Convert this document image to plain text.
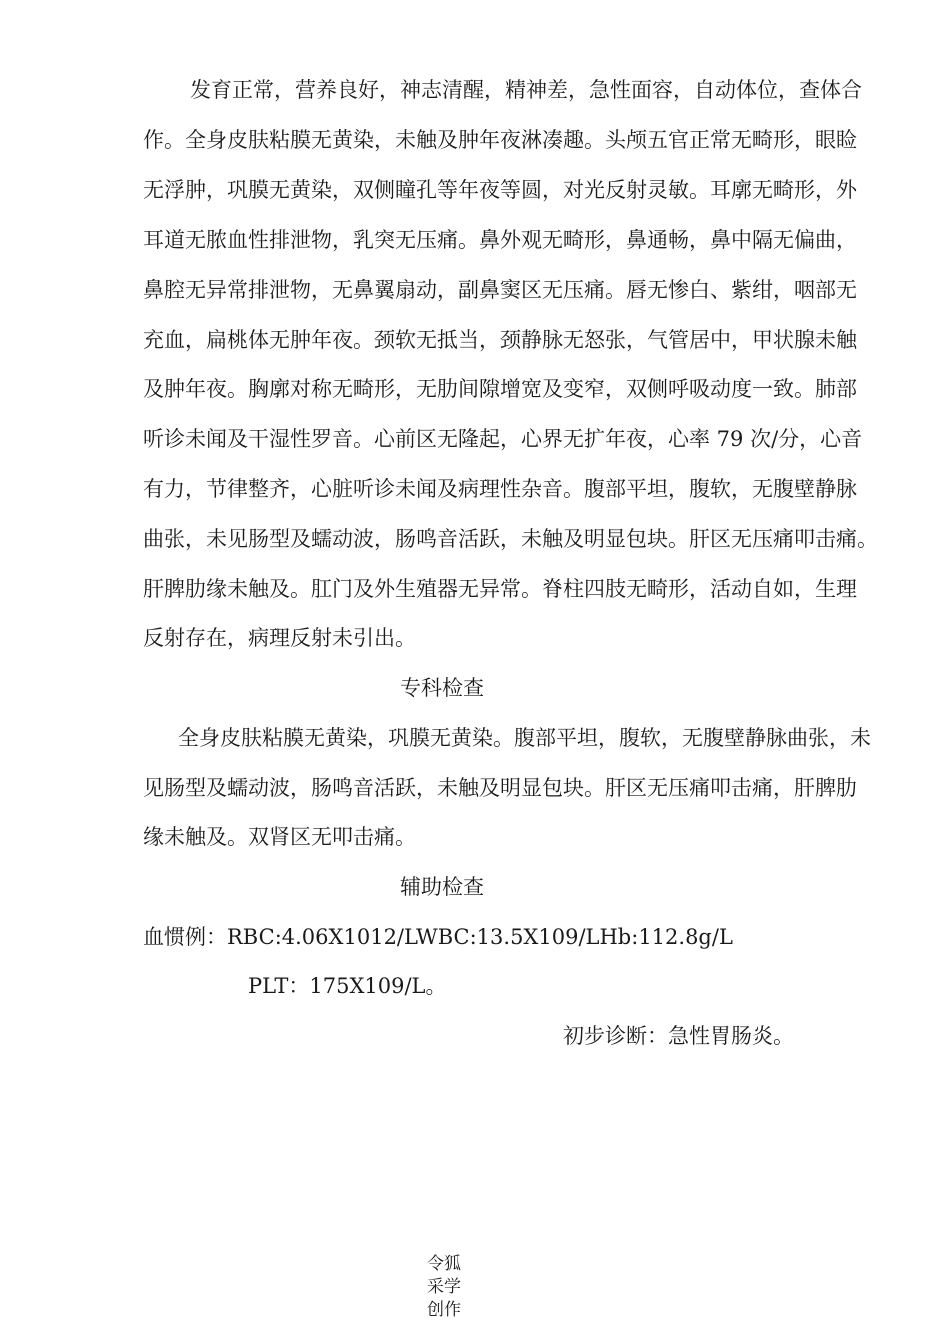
发育正常，营养良好，神志清醒，精神差，急性面容，自动体位，查体合
作。全身皮肤粘膜无黄染，未触及肿年夜淋凑趣。头颅五官正常无畸形，眼睑
无浮肿，巩膜无黄染，双侧瞳孔等年夜等圆，对光反射灵敏。耳廓无畸形，外
耳道无脓血性排泄物，乳突无压痛。鼻外观无畸形，鼻通畅，鼻中隔无偏曲，
鼻腔无异常排泄物，无鼻翼扇动，副鼻窦区无压痛。唇无惨白、紫绀，咽部无
充血，扁桃体无肿年夜。颈软无抵当，颈静脉无怒张，气管居中，甲状腺未触
及肿年夜。胸廓对称无畸形，无肋间隙增宽及变窄，双侧呼吸动度一致。肺部
听诊未闻及干湿性罗音。心前区无隆起，心界无扩年夜，心率 79 次/分，心音
有力，节律整齐，心脏听诊未闻及病理性杂音。腹部平坦，腹软，无腹壁静脉
曲张，未见肠型及蠕动波，肠鸣音活跃，未触及明显包块。肝区无压痛叩击痛。
肝脾肋缘未触及。肛门及外生殖器无异常。脊柱四肢无畸形，活动自如，生理
反射存在，病理反射未引出。
专科检查
全身皮肤粘膜无黄染，巩膜无黄染。腹部平坦，腹软，无腹壁静脉曲张，未
见肠型及蠕动波，肠鸣音活跃，未触及明显包块。肝区无压痛叩击痛，肝脾肋
缘未触及。双肾区无叩击痛。
辅助检查
血惯例：RBC:4.06X1012/LWBC:13.5X109/LHb:112.8g/L
PLT：175X109/L。
初步诊断：急性胃肠炎。
令狐
采学
创作
